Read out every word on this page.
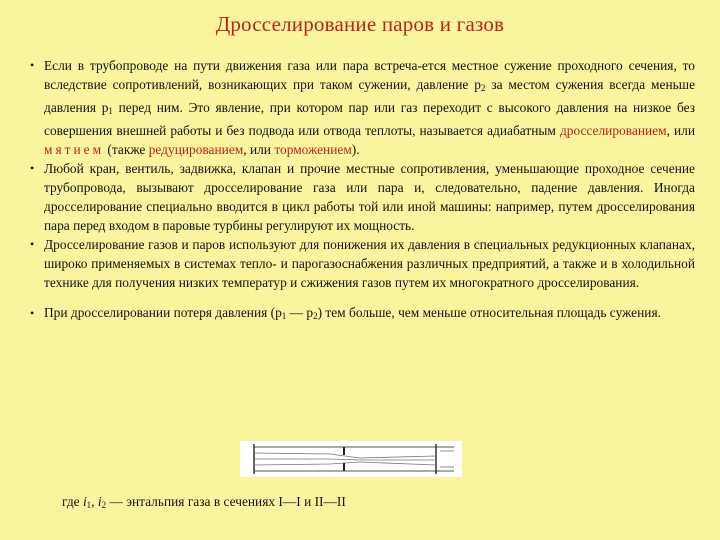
Дросселирование паров и газов
• Если в трубопроводе на пути движения газа или пара встреча-ется местное сужение проходного сечения, то вследствие сопротивлений, возникающих при таком сужении, давление $p_2$ за местом сужения всегда меньше давления $p_1$ перед ним. Это явление, при котором пар или газ переходит с высокого давления на низкое без совершения внешней работы и без подвода или отвода теплоты, называется адиабатным дросселированием, или мятием (также редуцированием, или торможением).
• Любой кран, вентиль, задвижка, клапан и прочие местные сопротивления, уменьшающие проходное сечение трубопровода, вызывают дросселирование газа или пара и, следовательно, падение давления. Иногда дросселирование специально вводится в цикл работы той или иной машины: например, путем дросселирования пара перед входом в паровые турбины регулируют их мощность.
• Дросселирование газов и паров используют для понижения их давления в специальных редукционных клапанах, широко применяемых в системах тепло- и парогазоснабжения различных предприятий, а также и в холодильной технике для получения низких температур и сжижения газов путем их многократного дросселирования.
• При дросселировании потеря давления ($p_1$ — $p_2$) тем больше, чем меньше относительная площадь сужения.
где $i_1$, $i_2$ — энтальпия газа в сечениях I—I и II—II
